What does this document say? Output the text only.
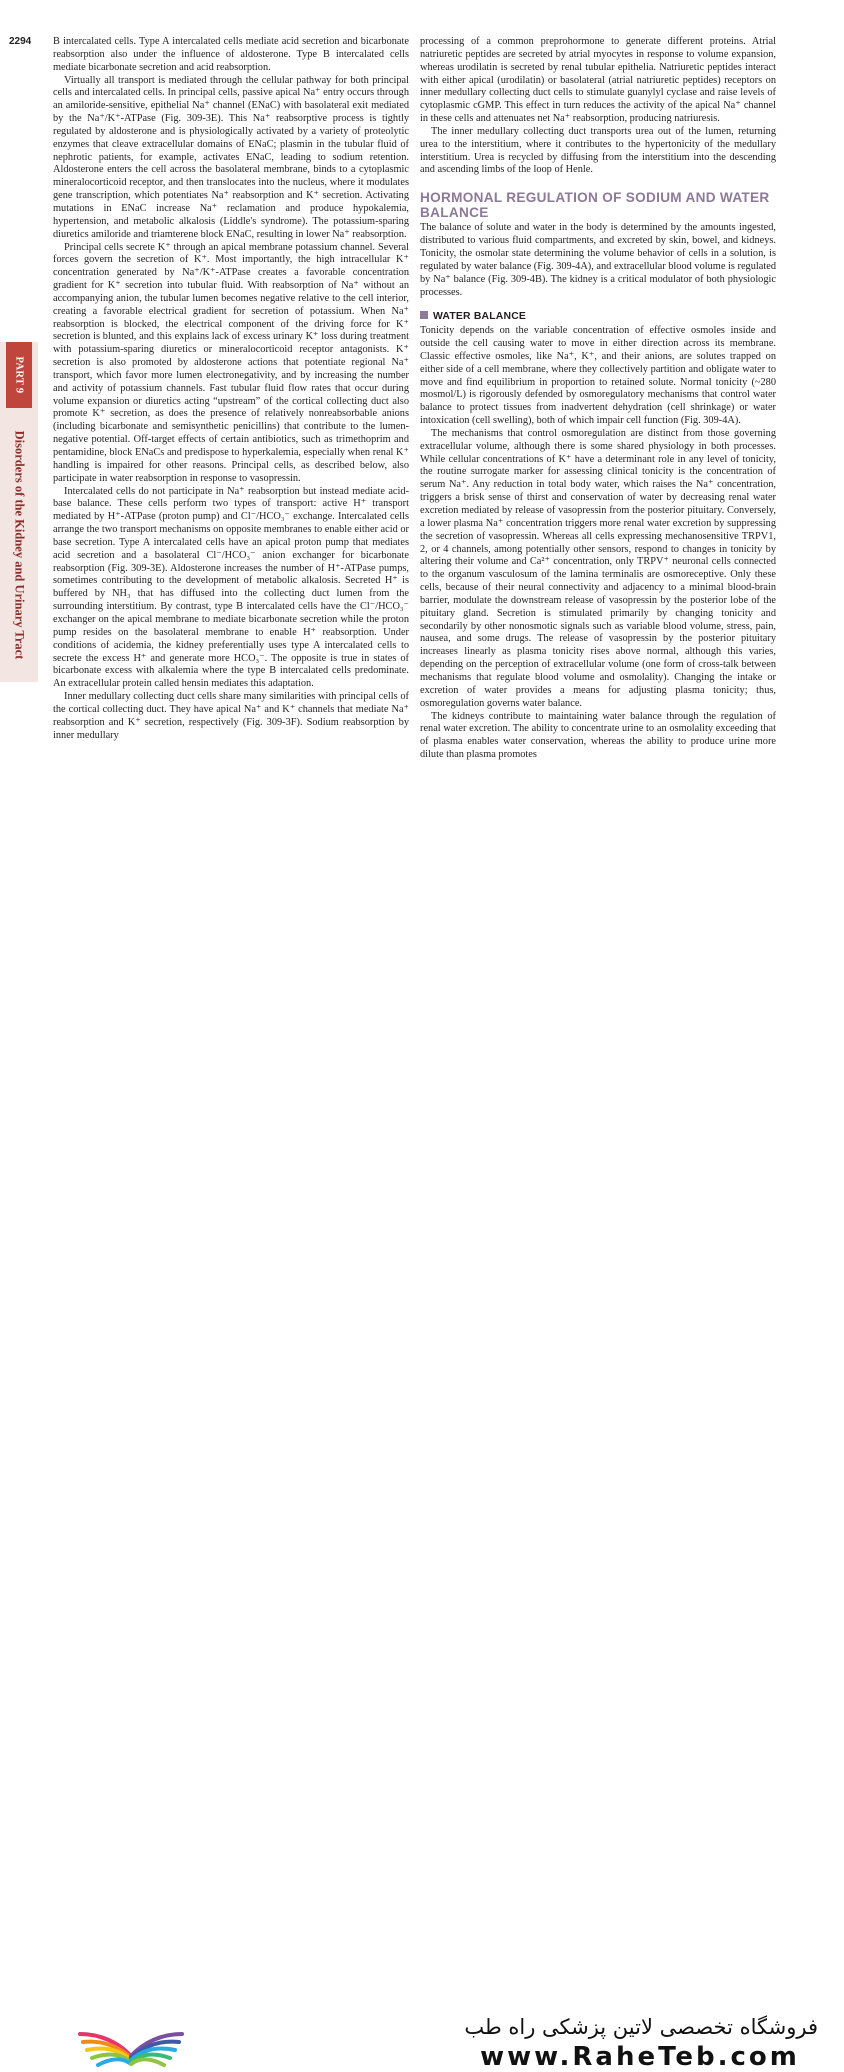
2294
PART 9
Disorders of the Kidney and Urinary Tract

B intercalated cells. Type A intercalated cells mediate acid secretion and bicarbonate reabsorption also under the influence of aldosterone. Type B intercalated cells mediate bicarbonate secretion and acid reabsorption.

Virtually all transport is mediated through the cellular pathway for both principal cells and intercalated cells. In principal cells, passive apical Na⁺ entry occurs through an amiloride-sensitive, epithelial Na⁺ channel (ENaC) with basolateral exit mediated by the Na⁺/K⁺-ATPase (Fig. 309-3E). This Na⁺ reabsorptive process is tightly regulated by aldosterone and is physiologically activated by a variety of proteolytic enzymes that cleave extracellular domains of ENaC; plasmin in the tubular fluid of nephrotic patients, for example, activates ENaC, leading to sodium retention. Aldosterone enters the cell across the basolateral membrane, binds to a cytoplasmic mineralocorticoid receptor, and then translocates into the nucleus, where it modulates gene transcription, which potentiates Na⁺ reabsorption and K⁺ secretion. Activating mutations in ENaC increase Na⁺ reclamation and produce hypokalemia, hypertension, and metabolic alkalosis (Liddle's syndrome). The potassium-sparing diuretics amiloride and triamterene block ENaC, resulting in lower Na⁺ reabsorption.

Principal cells secrete K⁺ through an apical membrane potassium channel. Several forces govern the secretion of K⁺. Most importantly, the high intracellular K⁺ concentration generated by Na⁺/K⁺-ATPase creates a favorable concentration gradient for K⁺ secretion into tubular fluid. With reabsorption of Na⁺ without an accompanying anion, the tubular lumen becomes negative relative to the cell interior, creating a favorable electrical gradient for secretion of potassium. When Na⁺ reabsorption is blocked, the electrical component of the driving force for K⁺ secretion is blunted, and this explains lack of excess urinary K⁺ loss during treatment with potassium-sparing diuretics or mineralocorticoid receptor antagonists. K⁺ secretion is also promoted by aldosterone actions that potentiate regional Na⁺ transport, which favor more lumen electronegativity, and by increasing the number and activity of potassium channels. Fast tubular fluid flow rates that occur during volume expansion or diuretics acting “upstream” of the cortical collecting duct also promote K⁺ secretion, as does the presence of relatively nonreabsorbable anions (including bicarbonate and semisynthetic penicillins) that contribute to the lumen-negative potential. Off-target effects of certain antibiotics, such as trimethoprim and pentamidine, block ENaCs and predispose to hyperkalemia, especially when renal K⁺ handling is impaired for other reasons. Principal cells, as described below, also participate in water reabsorption in response to vasopressin.

Intercalated cells do not participate in Na⁺ reabsorption but instead mediate acid-base balance. These cells perform two types of transport: active H⁺ transport mediated by H⁺-ATPase (proton pump) and Cl⁻/HCO₃⁻ exchange. Intercalated cells arrange the two transport mechanisms on opposite membranes to enable either acid or base secretion. Type A intercalated cells have an apical proton pump that mediates acid secretion and a basolateral Cl⁻/HCO₃⁻ anion exchanger for bicarbonate reabsorption (Fig. 309-3E). Aldosterone increases the number of H⁺-ATPase pumps, sometimes contributing to the development of metabolic alkalosis. Secreted H⁺ is buffered by NH₃ that has diffused into the collecting duct lumen from the surrounding interstitium. By contrast, type B intercalated cells have the Cl⁻/HCO₃⁻ exchanger on the apical membrane to mediate bicarbonate secretion while the proton pump resides on the basolateral membrane to enable H⁺ reabsorption. Under conditions of acidemia, the kidney preferentially uses type A intercalated cells to secrete the excess H⁺ and generate more HCO₃⁻. The opposite is true in states of bicarbonate excess with alkalemia where the type B intercalated cells predominate. An extracellular protein called hensin mediates this adaptation.

Inner medullary collecting duct cells share many similarities with principal cells of the cortical collecting duct. They have apical Na⁺ and K⁺ channels that mediate Na⁺ reabsorption and K⁺ secretion, respectively (Fig. 309-3F). Sodium reabsorption by inner medullary

processing of a common preprohormone to generate different proteins. Atrial natriuretic peptides are secreted by atrial myocytes in response to volume expansion, whereas urodilatin is secreted by renal tubular epithelia. Natriuretic peptides interact with either apical (urodilatin) or basolateral (atrial natriuretic peptides) receptors on inner medullary collecting duct cells to stimulate guanylyl cyclase and raise levels of cytoplasmic cGMP. This effect in turn reduces the activity of the apical Na⁺ channel in these cells and attenuates net Na⁺ reabsorption, producing natriuresis.

The inner medullary collecting duct transports urea out of the lumen, returning urea to the interstitium, where it contributes to the hypertonicity of the medullary interstitium. Urea is recycled by diffusing from the interstitium into the descending and ascending limbs of the loop of Henle.

HORMONAL REGULATION OF SODIUM AND WATER BALANCE

The balance of solute and water in the body is determined by the amounts ingested, distributed to various fluid compartments, and excreted by skin, bowel, and kidneys. Tonicity, the osmolar state determining the volume behavior of cells in a solution, is regulated by water balance (Fig. 309-4A), and extracellular blood volume is regulated by Na⁺ balance (Fig. 309-4B). The kidney is a critical modulator of both physiologic processes.

WATER BALANCE

Tonicity depends on the variable concentration of effective osmoles inside and outside the cell causing water to move in either direction across its membrane. Classic effective osmoles, like Na⁺, K⁺, and their anions, are solutes trapped on either side of a cell membrane, where they collectively partition and obligate water to move and find equilibrium in proportion to retained solute. Normal tonicity (~280 mosmol/L) is rigorously defended by osmoregulatory mechanisms that control water balance to protect tissues from inadvertent dehydration (cell shrinkage) or water intoxication (cell swelling), both of which impair cell function (Fig. 309-4A).

The mechanisms that control osmoregulation are distinct from those governing extracellular volume, although there is some shared physiology in both processes. While cellular concentrations of K⁺ have a determinant role in any level of tonicity, the routine surrogate marker for assessing clinical tonicity is the concentration of serum Na⁺. Any reduction in total body water, which raises the Na⁺ concentration, triggers a brisk sense of thirst and conservation of water by decreasing renal water excretion mediated by release of vasopressin from the posterior pituitary. Conversely, a lower plasma Na⁺ concentration triggers more renal water excretion by suppressing the secretion of vasopressin. Whereas all cells expressing mechanosensitive TRPV1, 2, or 4 channels, among potentially other sensors, respond to changes in tonicity by altering their volume and Ca²⁺ concentration, only TRPV⁺ neuronal cells connected to the organum vasculosum of the lamina terminalis are osmoreceptive. Only these cells, because of their neural connectivity and adjacency to a minimal blood-brain barrier, modulate the downstream release of vasopressin by the posterior lobe of the pituitary gland. Secretion is stimulated primarily by changing tonicity and secondarily by other nonosmotic signals such as variable blood volume, stress, pain, nausea, and some drugs. The release of vasopressin by the posterior pituitary increases linearly as plasma tonicity rises above normal, although this varies, depending on the perception of extracellular volume (one form of cross-talk between mechanisms that regulate blood volume and osmolality). Changing the intake or excretion of water provides a means for adjusting plasma tonicity; thus, osmoregulation governs water balance.

The kidneys contribute to maintaining water balance through the regulation of renal water excretion. The ability to concentrate urine to an osmolality exceeding that of plasma enables water conservation, whereas the ability to produce urine more dilute than plasma promotes

فروشگاه تخصصی لاتین پزشکی راه طب
www.RaheTeb.com
